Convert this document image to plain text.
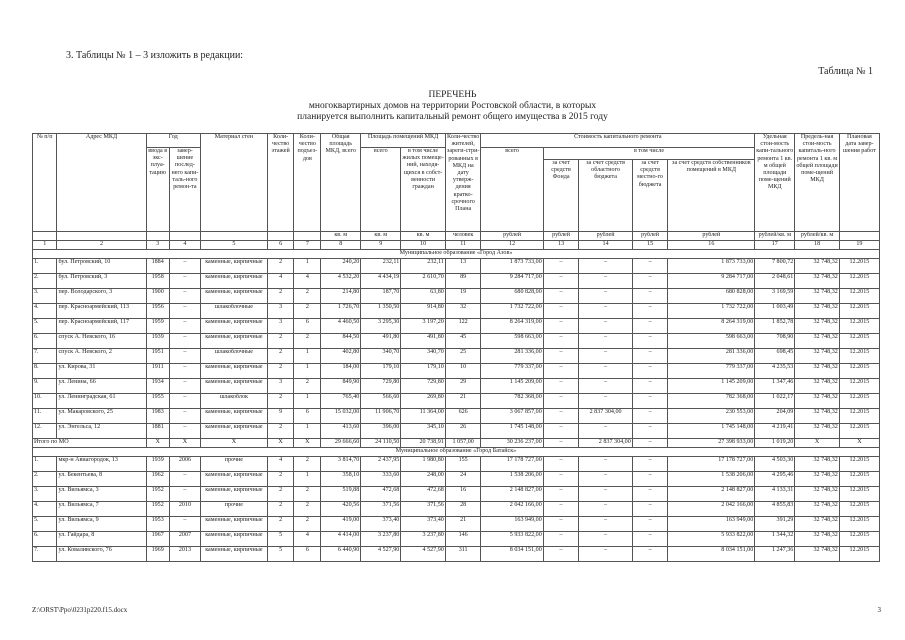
3. Таблицы № 1 – 3 изложить в редакции:
Таблица № 1
ПЕРЕЧЕНЬ
многоквартирных домов на территории Ростовской области, в которых
планируется выполнить капитальный ремонт общего имущества в 2015 году
№ п/п	Адрес МКД	Год		Материал стен	Коли-чество этажей	Коли-чество подъез-дов	Общая площадь МКД, всего	Площадь помещений МКД		Коли-чество жителей, зареги-стри-рованных в МКД на дату утверж-дения кратко-срочного Плана	Стоимость капитального ремонта					Удельная стои-мость капи-тального ремонта 1 кв. м общей площади поме-щений МКД	Предель-ная стои-мость капиталь-ного ремонта 1 кв. м общей площади поме-щений МКД	Плановая дата завер-шения работ
		ввода в экс-плуа-тацию	завер-шение послед-него капи-таль-ного ремон-та					всего	в том числе жилых помеще-ний, находя-щихся в собст-венности граждан		всего	в том числе						
												за счет средств Фонда	за счет средств областного бюджета	за счет средств местно-го бюджета	за счет средств собственников помещений в МКД			
							кв. м	кв. м	кв. м	человек	рублей	рублей	рублей	рублей	рублей	рублей/кв. м	рублей/кв. м	
1	2	3	4	5	6	7	8	9	10	11	12	13	14	15	16	17	18	19
Муниципальное образование «Город Азов»																		
1.	бул. Петровский, 10	1884	–	каменные, кирпичные	2	1	240,20	232,11	232,11	13	1 873 733,00	–	–	–	1 873 733,00	7 800,72	32 748,32	12.2015
2.	бул. Петровский, 3	1958	–	каменные, кирпичные	4	4	4 532,20	4 434,19	2 610,70	89	9 284 717,00	–	–	–	9 284 717,00	2 048,61	32 748,32	12.2015
3.	пер. Володарского, 3	1900	–	каменные, кирпичные	2	2	214,80	187,70	63,80	19	680 828,00	–	–	–	680 828,00	3 169,59	32 748,32	12.2015
4.	пер. Красноармейский, 113	1956	–	шлакоблочные	3	2	1 726,70	1 350,50	914,80	32	1 732 722,00	–	–	–	1 732 722,00	1 003,49	32 748,32	12.2015
5.	пер. Красноармейский, 117	1959	–	каменные, кирпичные	3	6	4 460,50	3 295,30	3 197,20	122	8 264 319,00	–	–	–	8 264 319,00	1 852,78	32 748,32	12.2015
6.	спуск А. Невского, 16	1939	–	каменные, кирпичные	2	2	844,50	491,80	491,80	45	598 663,00	–	–	–	598 663,00	708,90	32 748,32	12.2015
7.	спуск А. Невского, 2	1951	–	шлакоблочные	2	1	402,80	340,70	340,70	25	281 336,00	–	–	–	281 336,00	698,45	32 748,32	12.2015
8.	ул. Кирова, 31	1911	–	каменные, кирпичные	2	1	184,00	179,10	179,10	10	779 337,00	–	–	–	779 337,00	4 235,53	32 748,32	12.2015
9.	ул. Ленина, 66	1934	–	каменные, кирпичные	3	2	849,90	729,80	729,80	29	1 145 209,00	–	–	–	1 145 209,00	1 347,46	32 748,32	12.2015
10.	ул. Ленинградская, 61	1955	–	шлакоблок	2	1	765,40	566,60	269,80	21	782 368,00	–	–	–	782 368,00	1 022,17	32 748,32	12.2015
11.	ул. Макаровского, 25	1983	–	каменные, кирпичные	9	6	15 032,00	11 906,70	11 364,00	626	3 067 857,00	–	2 837 304,00	–	230 553,00	204,09	32 748,32	12.2015
12.	ул. Энгельса, 12	1881	–	каменные, кирпичные	2	1	413,60	396,00	345,10	26	1 745 148,00	–	–	–	1 745 148,00	4 219,41	32 748,32	12.2015
Итого по МО		X	X	X	X	X	29 666,60	24 110,50	20 738,91	1 057,00	30 236 237,00	–	2 837 304,00	–	27 398 933,00	1 019,20	X	X
Муниципальное образование «Город Батайск»																		
1.	мкр-н Авиагородок, 13	1939	2006	прочие	4	2	3 814,70	2 437,95	1 980,80	155	17 178 727,00	–	–	–	17 178 727,00	4 503,30	32 748,32	12.2015
2.	ул. Бекентьева, 8	1962	–	каменные, кирпичные	2	1	358,10	333,60	248,00	24	1 538 206,00	–	–	–	1 538 206,00	4 295,46	32 748,32	12.2015
3.	ул. Вильямса, 3	1952	–	каменные, кирпичные	2	2	519,88	472,68	472,68	16	2 148 827,00	–	–	–	2 148 827,00	4 133,31	32 748,32	12.2015
4.	ул. Вильямса, 7	1952	2010	прочие	2	2	420,56	371,56	371,56	28	2 042 166,00	–	–	–	2 042 166,00	4 855,83	32 748,32	12.2015
5.	ул. Вильямса, 9	1953	–	каменные, кирпичные	2	2	419,00	373,40	373,40	21	163 949,00	–	–	–	163 949,00	391,29	32 748,32	12.2015
6.	ул. Гайдара, 8	1967	2007	каменные, кирпичные	5	4	4 414,00	3 237,80	3 237,80	146	5 933 822,00	–	–	–	5 933 822,00	1 344,32	32 748,32	12.2015
7.	ул. Коваливского, 76	1969	2013	каменные, кирпичные	5	6	6 440,90	4 527,90	4 527,90	311	8 034 151,00	–	–	–	8 034 151,00	1 247,36	32 748,32	12.2015
Z:\ORST\Ppo\0231p220.f15.docx	3
